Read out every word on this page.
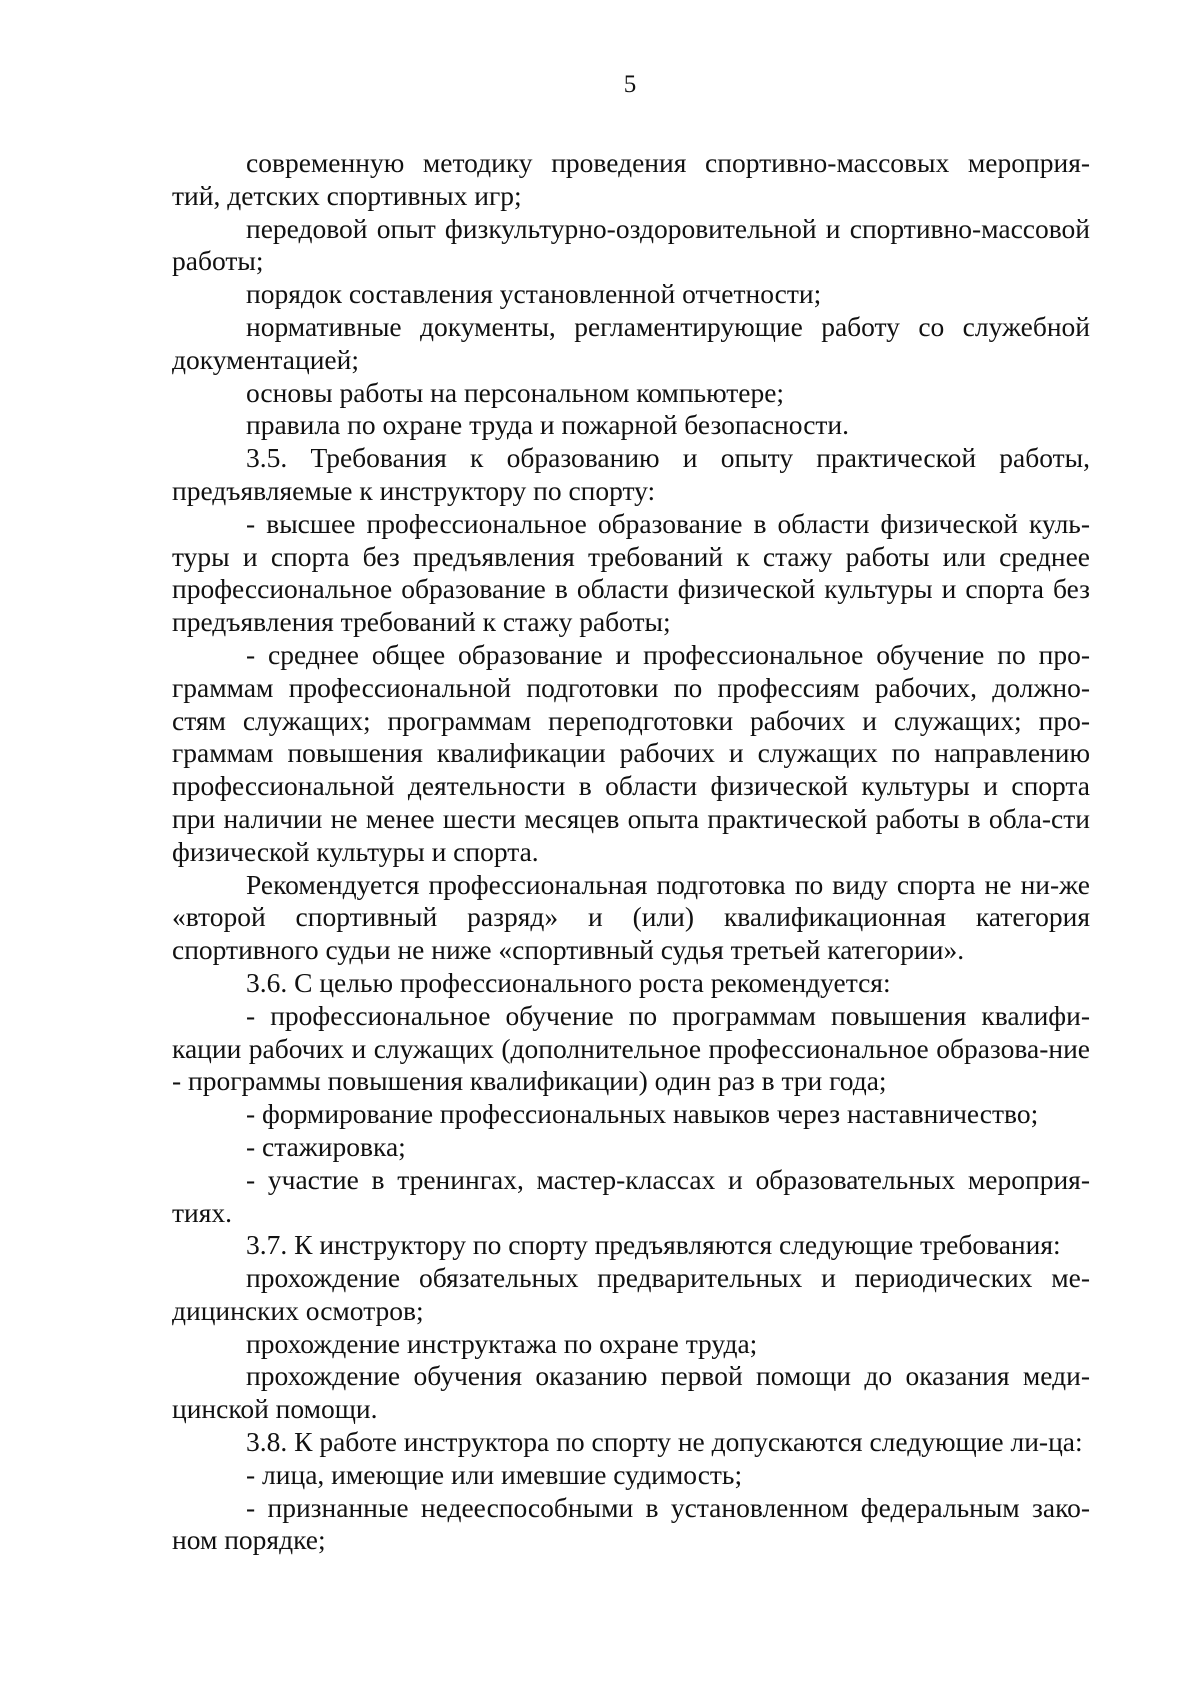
5

современную методику проведения спортивно-массовых мероприя-тий, детских спортивных игр;

передовой опыт физкультурно-оздоровительной и спортивно-массовой работы;

порядок составления установленной отчетности;

нормативные документы, регламентирующие работу со служебной документацией;

основы работы на персональном компьютере;

правила по охране труда и пожарной безопасности.

3.5. Требования к образованию и опыту практической работы, предъявляемые к инструктору по спорту:

- высшее профессиональное образование в области физической куль-туры и спорта без предъявления требований к стажу работы или среднее профессиональное образование в области физической культуры и спорта без предъявления требований к стажу работы;

- среднее общее образование и профессиональное обучение по про-граммам профессиональной подготовки по профессиям рабочих, должно-стям служащих; программам переподготовки рабочих и служащих; про-граммам повышения квалификации рабочих и служащих по направлению профессиональной деятельности в области физической культуры и спорта при наличии не менее шести месяцев опыта практической работы в обла-сти физической культуры и спорта.

Рекомендуется профессиональная подготовка по виду спорта не ни-же «второй спортивный разряд» и (или) квалификационная категория спортивного судьи не ниже «спортивный судья третьей категории».

3.6. С целью профессионального роста рекомендуется:

- профессиональное обучение по программам повышения квалифи-кации рабочих и служащих (дополнительное профессиональное образова-ние - программы повышения квалификации) один раз в три года;

- формирование профессиональных навыков через наставничество;

- стажировка;

- участие в тренингах, мастер-классах и образовательных мероприя-тиях.

3.7. К инструктору по спорту предъявляются следующие требования:

прохождение обязательных предварительных и периодических ме-дицинских осмотров;

прохождение инструктажа по охране труда;

прохождение обучения оказанию первой помощи до оказания меди-цинской помощи.

3.8. К работе инструктора по спорту не допускаются следующие ли-ца:

- лица, имеющие или имевшие судимость;

- признанные недееспособными в установленном федеральным зако-ном порядке;
